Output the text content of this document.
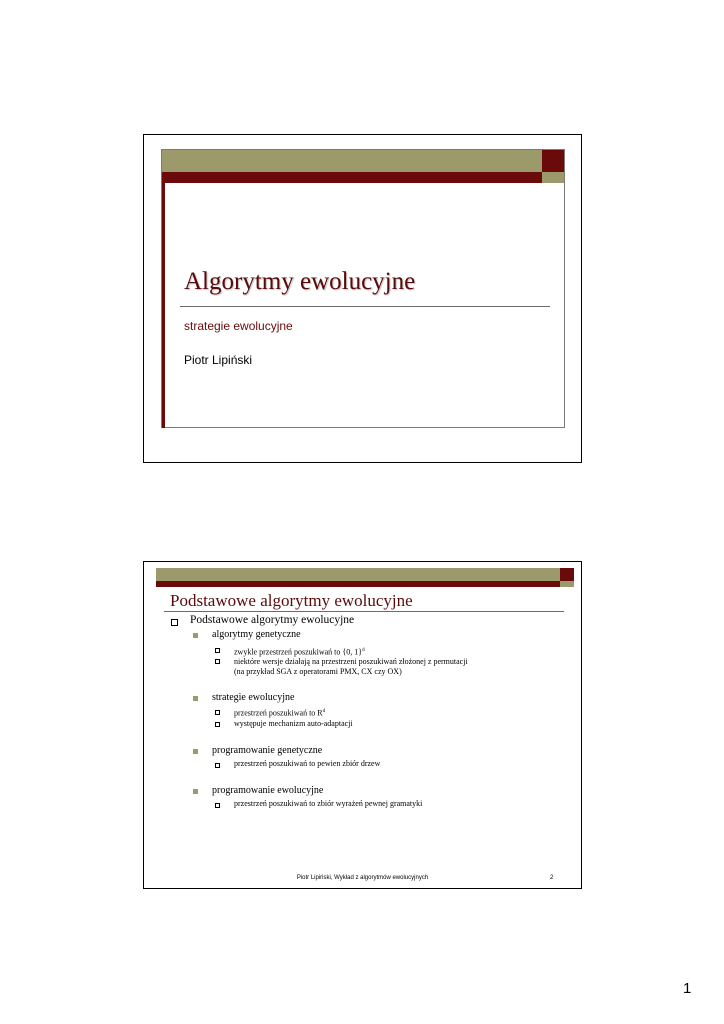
Algorytmy ewolucyjne
strategie ewolucyjne
Piotr Lipiński
Podstawowe algorytmy ewolucyjne
Podstawowe algorytmy ewolucyjne
algorytmy genetyczne
zwykle przestrzeń poszukiwań to {0, 1}$^d$
niektóre wersje działają na przestrzeni poszukiwań złożonej z permutacji
(na przykład SGA z operatorami PMX, CX czy OX)
strategie ewolucyjne
przestrzeń poszukiwań to $R^d$
występuje mechanizm auto-adaptacji
programowanie genetyczne
przestrzeń poszukiwań to pewien zbiór drzew
programowanie ewolucyjne
przestrzeń poszukiwań to zbiór wyrażeń pewnej gramatyki
Piotr Lipiński, Wykład z algorytmów ewolucyjnych	2
1
